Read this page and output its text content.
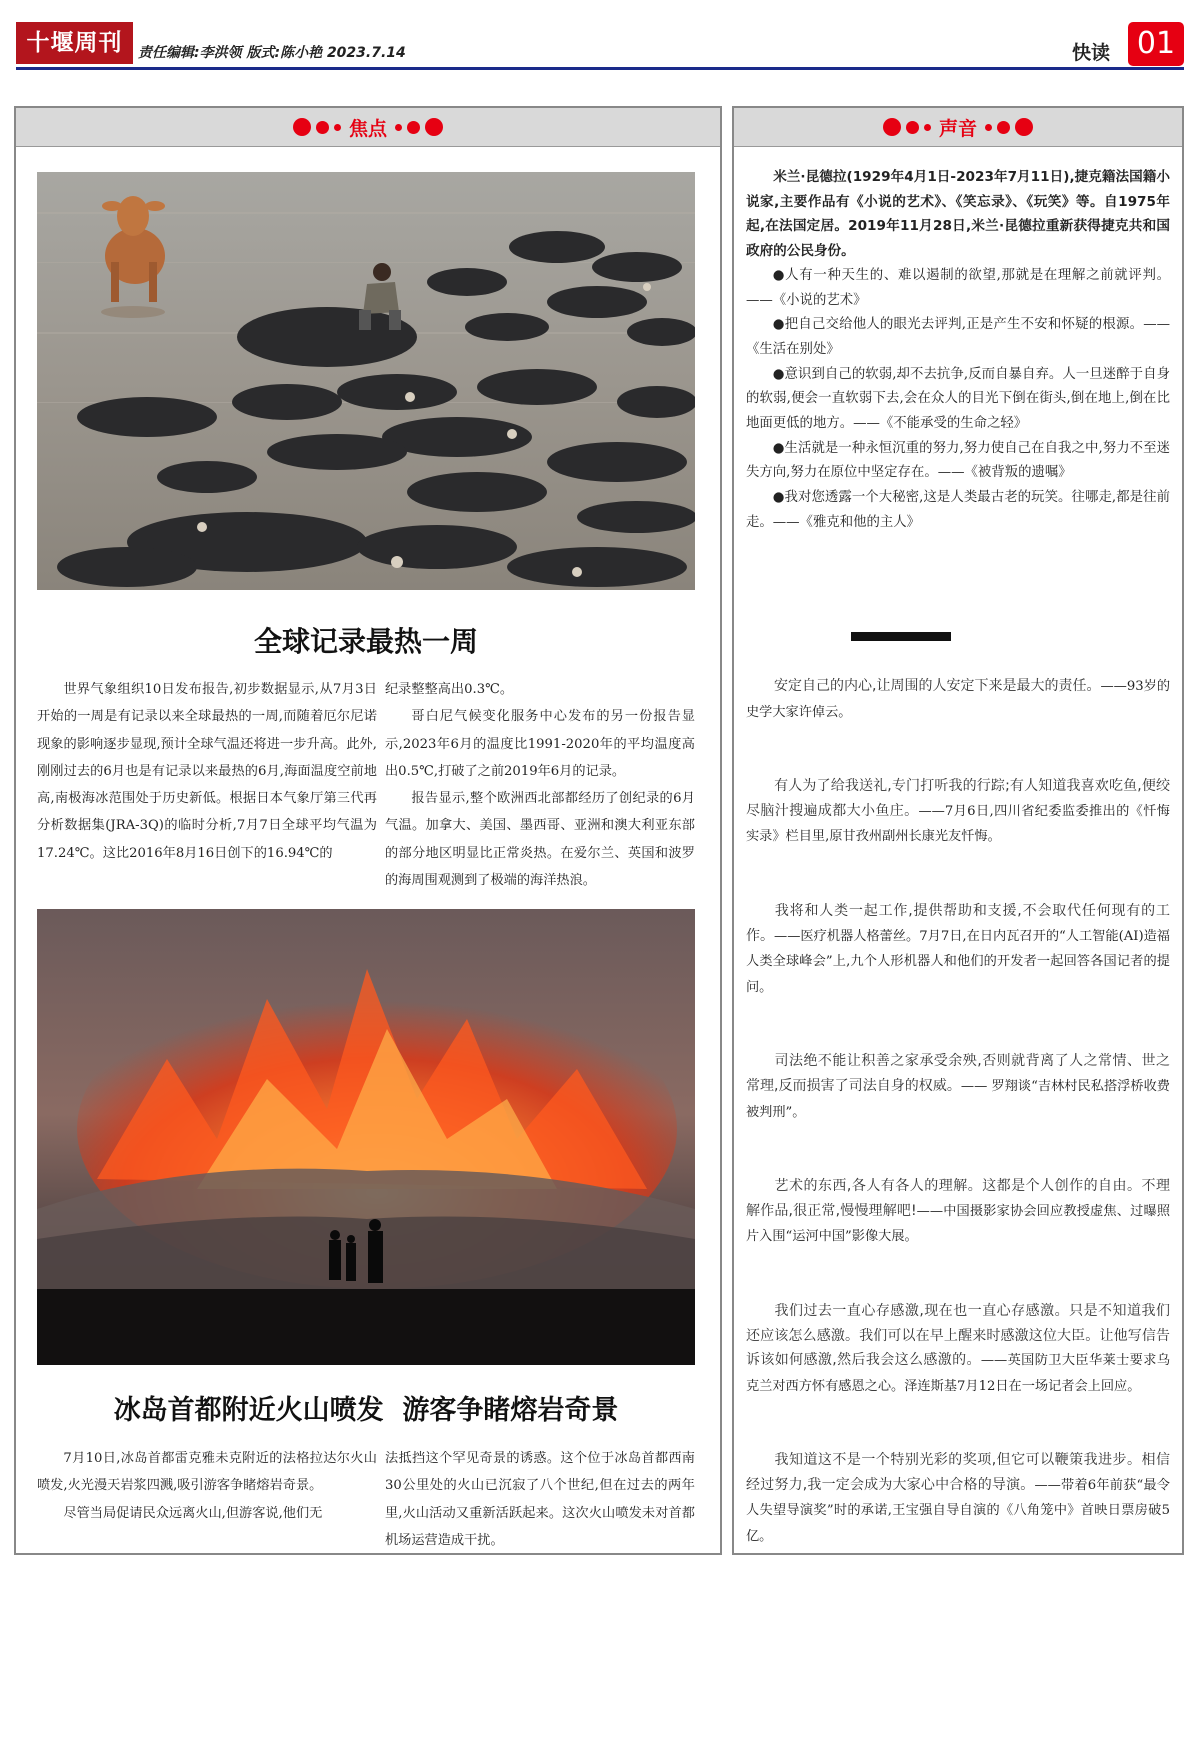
十堰周刊	责任编辑:李洪领 版式:陈小艳 2023.7.14	快读 01
焦点
全球记录最热一周

世界气象组织10日发布报告,初步数据显示,从7月3日开始的一周是有记录以来全球最热的一周,而随着厄尔尼诺现象的影响逐步显现,预计全球气温还将进一步升高。此外,刚刚过去的6月也是有记录以来最热的6月,海面温度空前地高,南极海冰范围处于历史新低。根据日本气象厅第三代再分析数据集(JRA-3Q)的临时分析,7月7日全球平均气温为17.24℃。这比2016年8月16日创下的16.94℃的

纪录整整高出0.3℃。

哥白尼气候变化服务中心发布的另一份报告显示,2023年6月的温度比1991-2020年的平均温度高出0.5℃,打破了之前2019年6月的记录。

报告显示,整个欧洲西北部都经历了创纪录的6月气温。加拿大、美国、墨西哥、亚洲和澳大利亚东部的部分地区明显比正常炎热。在爱尔兰、英国和波罗的海周围观测到了极端的海洋热浪。

冰岛首都附近火山喷发  游客争睹熔岩奇景

7月10日,冰岛首都雷克雅未克附近的法格拉达尔火山喷发,火光漫天岩浆四溅,吸引游客争睹熔岩奇景。

尽管当局促请民众远离火山,但游客说,他们无

法抵挡这个罕见奇景的诱惑。这个位于冰岛首都西南30公里处的火山已沉寂了八个世纪,但在过去的两年里,火山活动又重新活跃起来。这次火山喷发未对首都机场运营造成干扰。

声音

米兰·昆德拉(1929年4月1日-2023年7月11日),捷克籍法国籍小说家,主要作品有《小说的艺术》、《笑忘录》、《玩笑》等。自1975年起,在法国定居。2019年11月28日,米兰·昆德拉重新获得捷克共和国政府的公民身份。

●人有一种天生的、难以遏制的欲望,那就是在理解之前就评判。——《小说的艺术》

●把自己交给他人的眼光去评判,正是产生不安和怀疑的根源。——《生活在别处》

●意识到自己的软弱,却不去抗争,反而自暴自弃。人一旦迷醉于自身的软弱,便会一直软弱下去,会在众人的目光下倒在街头,倒在地上,倒在比地面更低的地方。——《不能承受的生命之轻》

●生活就是一种永恒沉重的努力,努力使自己在自我之中,努力不至迷失方向,努力在原位中坚定存在。——《被背叛的遗嘱》

●我对您透露一个大秘密,这是人类最古老的玩笑。往哪走,都是往前走。——《雅克和他的主人》

安定自己的内心,让周围的人安定下来是最大的责任。——93岁的史学大家许倬云。
有人为了给我送礼,专门打听我的行踪;有人知道我喜欢吃鱼,便绞尽脑汁搜遍成都大小鱼庄。——7月6日,四川省纪委监委推出的《忏悔实录》栏目里,原甘孜州副州长康光友忏悔。
我将和人类一起工作,提供帮助和支援,不会取代任何现有的工作。——医疗机器人格蕾丝。7月7日,在日内瓦召开的“人工智能(AI)造福人类全球峰会”上,九个人形机器人和他们的开发者一起回答各国记者的提问。
司法绝不能让积善之家承受余殃,否则就背离了人之常情、世之常理,反而损害了司法自身的权威。—— 罗翔谈“吉林村民私搭浮桥收费被判刑”。
艺术的东西,各人有各人的理解。这都是个人创作的自由。不理解作品,很正常,慢慢理解吧!——中国摄影家协会回应教授虚焦、过曝照片入围“运河中国”影像大展。
我们过去一直心存感激,现在也一直心存感激。只是不知道我们还应该怎么感激。我们可以在早上醒来时感激这位大臣。让他写信告诉该如何感激,然后我会这么感激的。——英国防卫大臣华莱士要求乌克兰对西方怀有感恩之心。泽连斯基7月12日在一场记者会上回应。
我知道这不是一个特别光彩的奖项,但它可以鞭策我进步。相信经过努力,我一定会成为大家心中合格的导演。——带着6年前获“最令人失望导演奖”时的承诺,王宝强自导自演的《八角笼中》首映日票房破5亿。
